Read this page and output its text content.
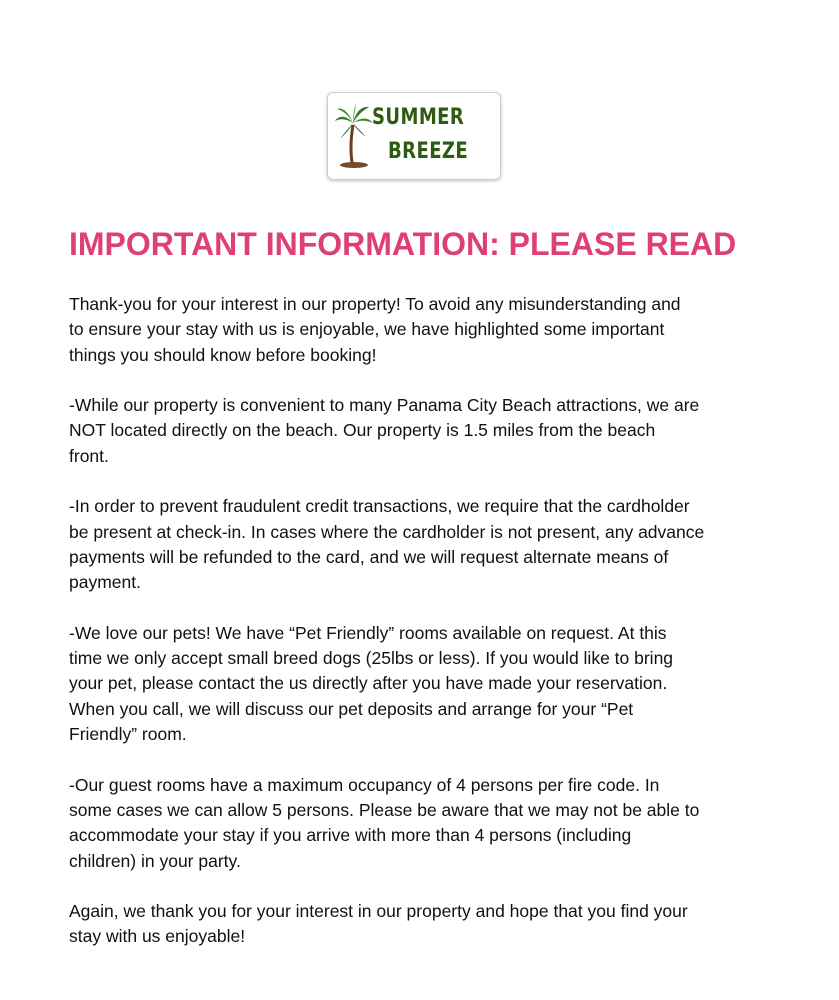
SUMMER
BREEZE
IMPORTANT INFORMATION: PLEASE READ

Thank-you for your interest in our property! To avoid any misunderstanding and
to ensure your stay with us is enjoyable, we have highlighted some important
things you should know before booking!

-While our property is convenient to many Panama City Beach attractions, we are
NOT located directly on the beach. Our property is 1.5 miles from the beach
front.

-In order to prevent fraudulent credit transactions, we require that the cardholder
be present at check-in. In cases where the cardholder is not present, any advance
payments will be refunded to the card, and we will request alternate means of
payment.

-We love our pets! We have “Pet Friendly” rooms available on request. At this
time we only accept small breed dogs (25lbs or less). If you would like to bring
your pet, please contact the us directly after you have made your reservation.
When you call, we will discuss our pet deposits and arrange for your “Pet
Friendly” room.

-Our guest rooms have a maximum occupancy of 4 persons per fire code. In
some cases we can allow 5 persons. Please be aware that we may not be able to
accommodate your stay if you arrive with more than 4 persons (including
children) in your party.

Again, we thank you for your interest in our property and hope that you find your
stay with us enjoyable!
